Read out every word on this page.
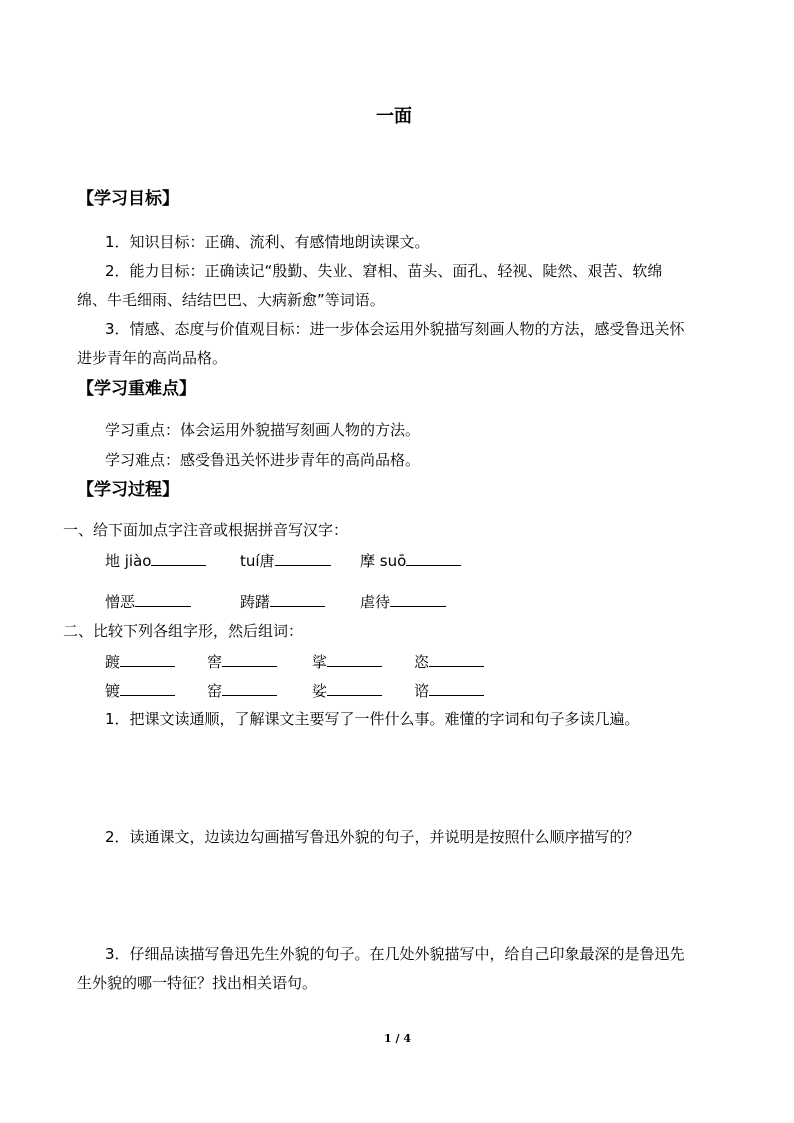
一面
【学习目标】
1．知识目标：正确、流利、有感情地朗读课文。
2．能力目标：正确读记“殷勤、失业、窘相、苗头、面孔、轻视、陡然、艰苦、软绵
绵、牛毛细雨、结结巴巴、大病新愈”等词语。
3．情感、态度与价值观目标：进一步体会运用外貌描写刻画人物的方法，感受鲁迅关怀
进步青年的高尚品格。
【学习重难点】
学习重点：体会运用外貌描写刻画人物的方法。
学习难点：感受鲁迅关怀进步青年的高尚品格。
【学习过程】
一、给下面加点字注音或根据拼音写汉字：
地 jiào	tuí唐	摩 suō
憎恶	踌躇	虐待
二、比较下列各组字形，然后组词：
踱	窖	挲	恣
镀	窑	娑	谘
1．把课文读通顺，了解课文主要写了一件什么事。难懂的字词和句子多读几遍。
2．读通课文，边读边勾画描写鲁迅外貌的句子，并说明是按照什么顺序描写的？
3．仔细品读描写鲁迅先生外貌的句子。在几处外貌描写中，给自己印象最深的是鲁迅先
生外貌的哪一特征？找出相关语句。
1 / 4
